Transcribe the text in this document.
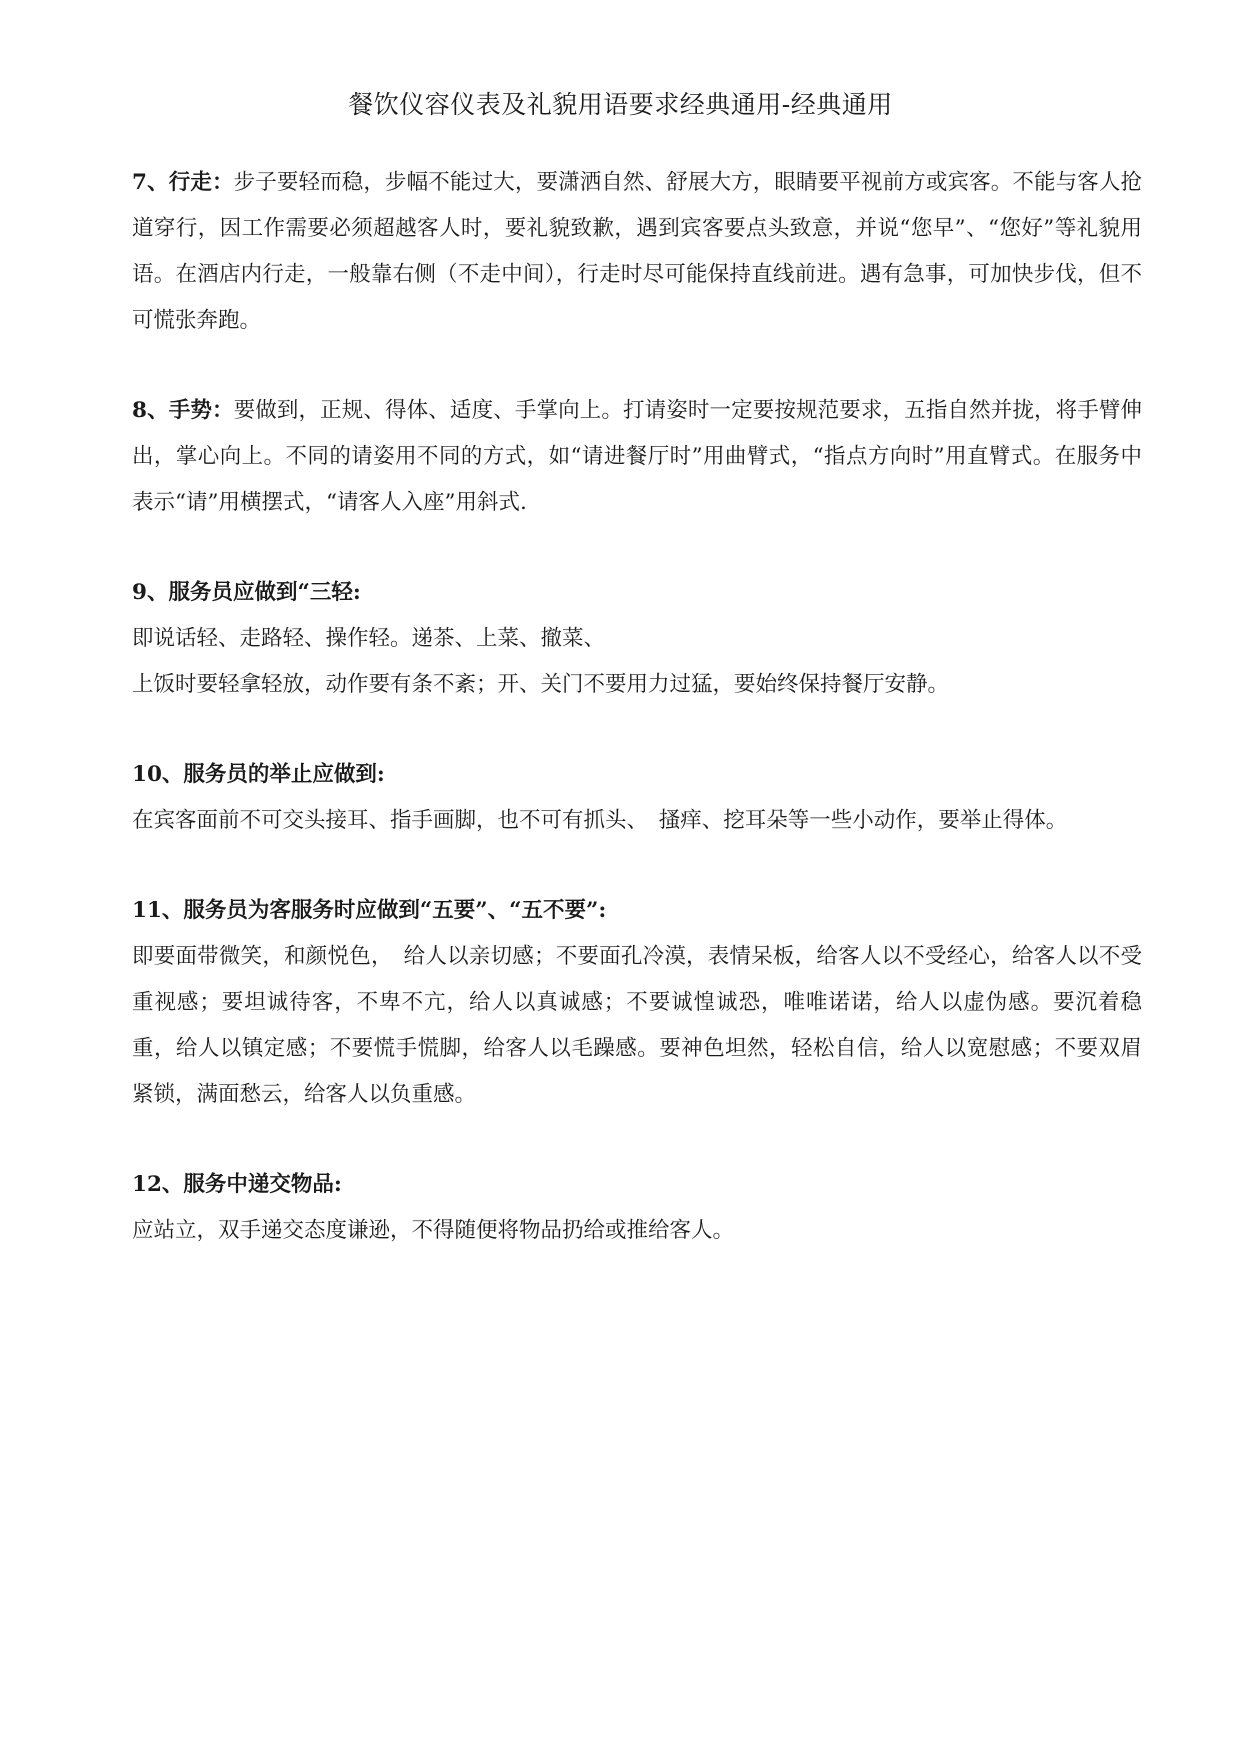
餐饮仪容仪表及礼貌用语要求经典通用-经典通用
7、行走：步子要轻而稳，步幅不能过大，要潇洒自然、舒展大方，眼睛要平视前方或宾客。不能与客人抢道穿行，因工作需要必须超越客人时，要礼貌致歉，遇到宾客要点头致意，并说“您早”、“您好”等礼貌用语。在酒店内行走，一般靠右侧（不走中间），行走时尽可能保持直线前进。遇有急事，可加快步伐，但不可慌张奔跑。
8、手势：要做到，正规、得体、适度、手掌向上。打请姿时一定要按规范要求，五指自然并拢，将手臂伸出，掌心向上。不同的请姿用不同的方式，如“请进餐厅时”用曲臂式，“指点方向时”用直臂式。在服务中表示“请”用横摆式，“请客人入座”用斜式.
9、服务员应做到“三轻:
即说话轻、走路轻、操作轻。递茶、上菜、撤菜、
上饭时要轻拿轻放，动作要有条不紊；开、关门不要用力过猛，要始终保持餐厅安静。
10、服务员的举止应做到:
在宾客面前不可交头接耳、指手画脚，也不可有抓头、　搔痒、挖耳朵等一些小动作，要举止得体。
11、服务员为客服务时应做到“五要”、“五不要”:
即要面带微笑，和颜悦色，　给人以亲切感；不要面孔冷漠，表情呆板，给客人以不受经心，给客人以不受重视感；要坦诚待客，不卑不亢，给人以真诚感；不要诚惶诚恐，唯唯诺诺，给人以虚伪感。要沉着稳重，给人以镇定感；不要慌手慌脚，给客人以毛躁感。要神色坦然，轻松自信，给人以宽慰感；不要双眉紧锁，满面愁云，给客人以负重感。
12、服务中递交物品:
应站立，双手递交态度谦逊，不得随便将物品扔给或推给客人。
